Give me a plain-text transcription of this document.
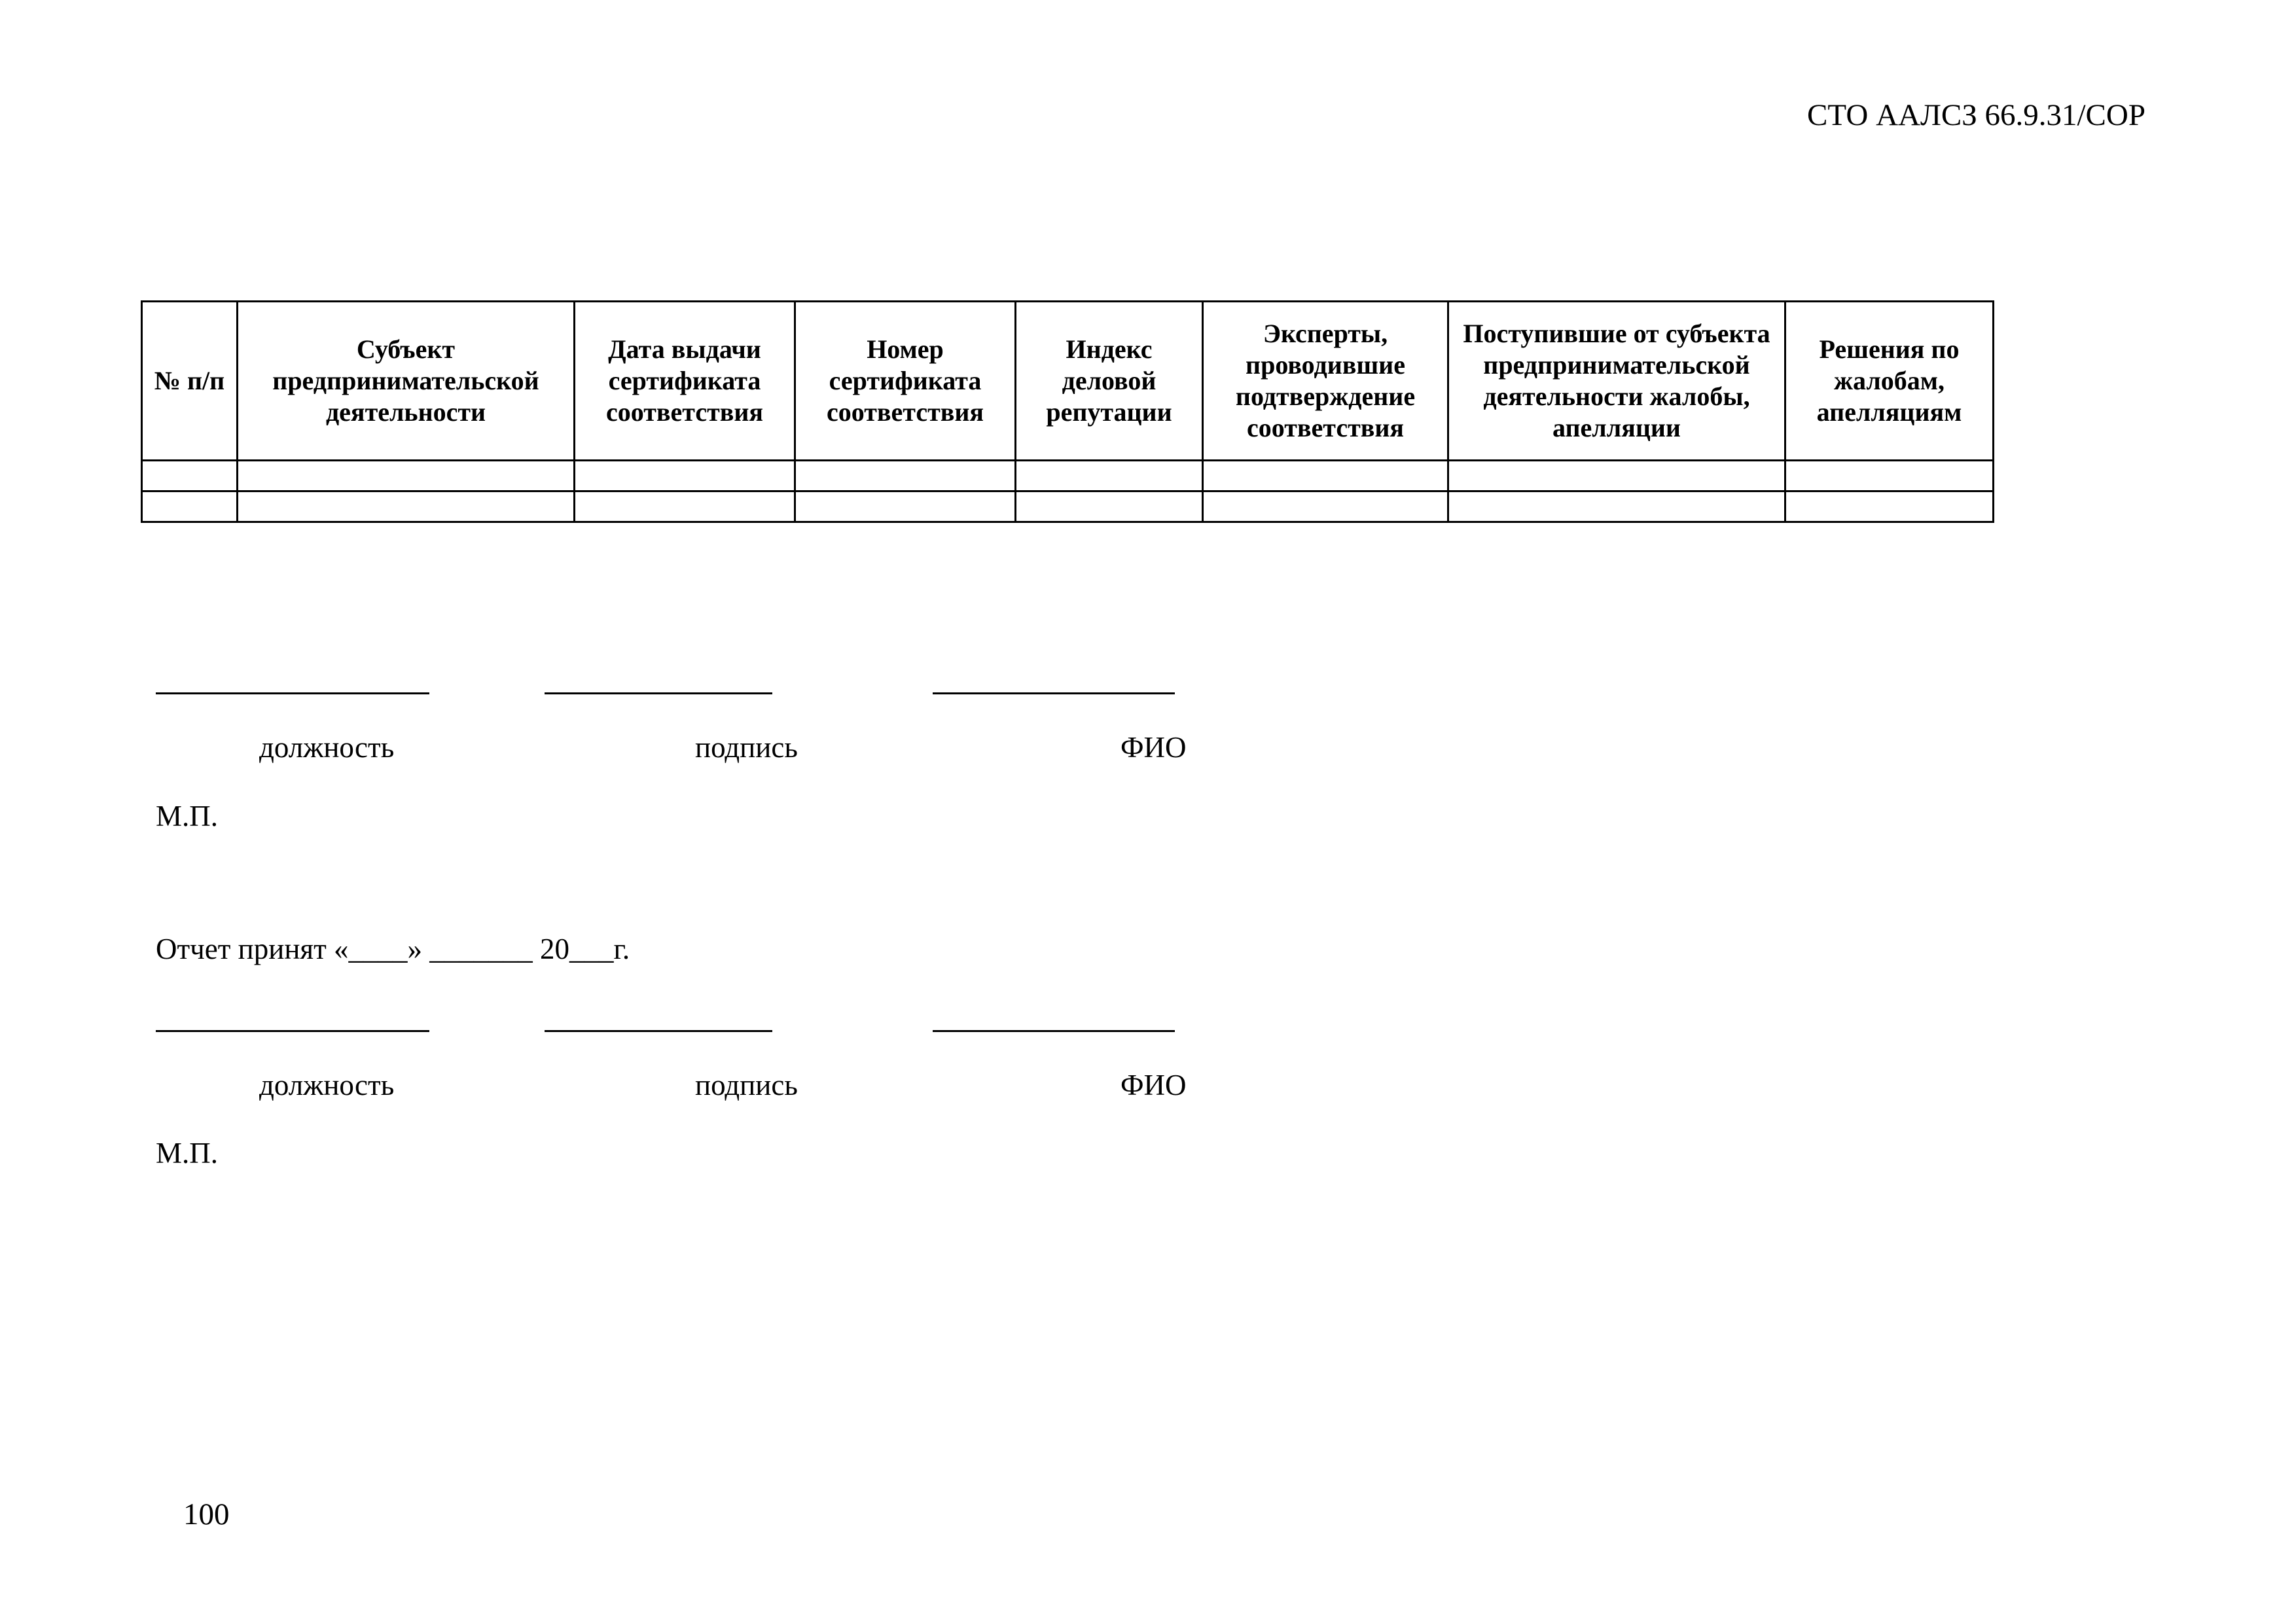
СТО ААЛСЗ 66.9.31/СОР
№ п/п	Субъект предпринимательской деятельности	Дата выдачи сертификата соответствия	Номер сертификата соответствия	Индекс деловой репутации	Эксперты, проводившие подтверждение соответствия	Поступившие от субъекта предпринимательской деятельности жалобы, апелляции	Решения по жалобам, апелляциям

должность	подпись	ФИО
М.П.
Отчет принят «____» _______ 20___г.
должность	подпись	ФИО
М.П.
100
